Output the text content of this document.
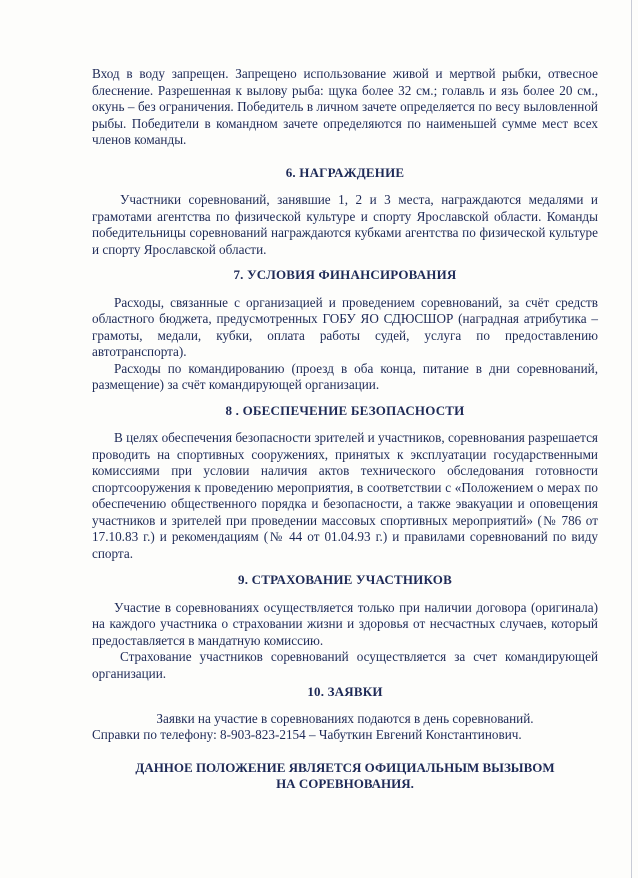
Вход в воду запрещен. Запрещено использование живой и мертвой рыбки, отвесное блеснение. Разрешенная к вылову рыба: щука более 32 см.; голавль и язь более 20 см., окунь – без ограничения. Победитель в личном зачете определяется по весу выловленной рыбы. Победители в командном зачете определяются по наименьшей сумме мест всех членов команды.

6. НАГРАЖДЕНИЕ

Участники соревнований, занявшие 1, 2 и 3 места, награждаются медалями и грамотами агентства по физической культуре и спорту Ярославской области. Команды победительницы соревнований награждаются кубками агентства по физической культуре и спорту Ярославской области.

7. УСЛОВИЯ ФИНАНСИРОВАНИЯ

Расходы, связанные с организацией и проведением соревнований, за счёт средств областного бюджета, предусмотренных ГОБУ ЯО СДЮСШОР (наградная атрибутика – грамоты, медали, кубки, оплата работы судей, услуга по предоставлению автотранспорта).

Расходы по командированию (проезд в оба конца, питание в дни соревнований, размещение) за счёт командирующей организации.

8 . ОБЕСПЕЧЕНИЕ БЕЗОПАСНОСТИ

В целях обеспечения безопасности зрителей и участников, соревнования разрешается проводить на спортивных сооружениях, принятых к эксплуатации государственными комиссиями при условии наличия актов технического обследования готовности спортсооружения к проведению мероприятия, в соответствии с «Положением о мерах по обеспечению общественного порядка и безопасности, а также эвакуации и оповещения участников и зрителей при проведении массовых спортивных мероприятий» (№ 786 от 17.10.83 г.) и рекомендациям (№ 44 от 01.04.93 г.) и правилами соревнований по виду спорта.

9. СТРАХОВАНИЕ УЧАСТНИКОВ

Участие в соревнованиях осуществляется только при наличии договора (оригинала) на каждого участника о страховании жизни и здоровья от несчастных случаев, который предоставляется в мандатную комиссию.

Страхование участников соревнований осуществляется за счет командирующей организации.

10. ЗАЯВКИ

Заявки на участие в соревнованиях подаются в день соревнований.

Справки по телефону: 8-903-823-2154 – Чабуткин Евгений Константинович.

ДАННОЕ ПОЛОЖЕНИЕ ЯВЛЯЕТСЯ ОФИЦИАЛЬНЫМ ВЫЗЫВОМ НА СОРЕВНОВАНИЯ.
